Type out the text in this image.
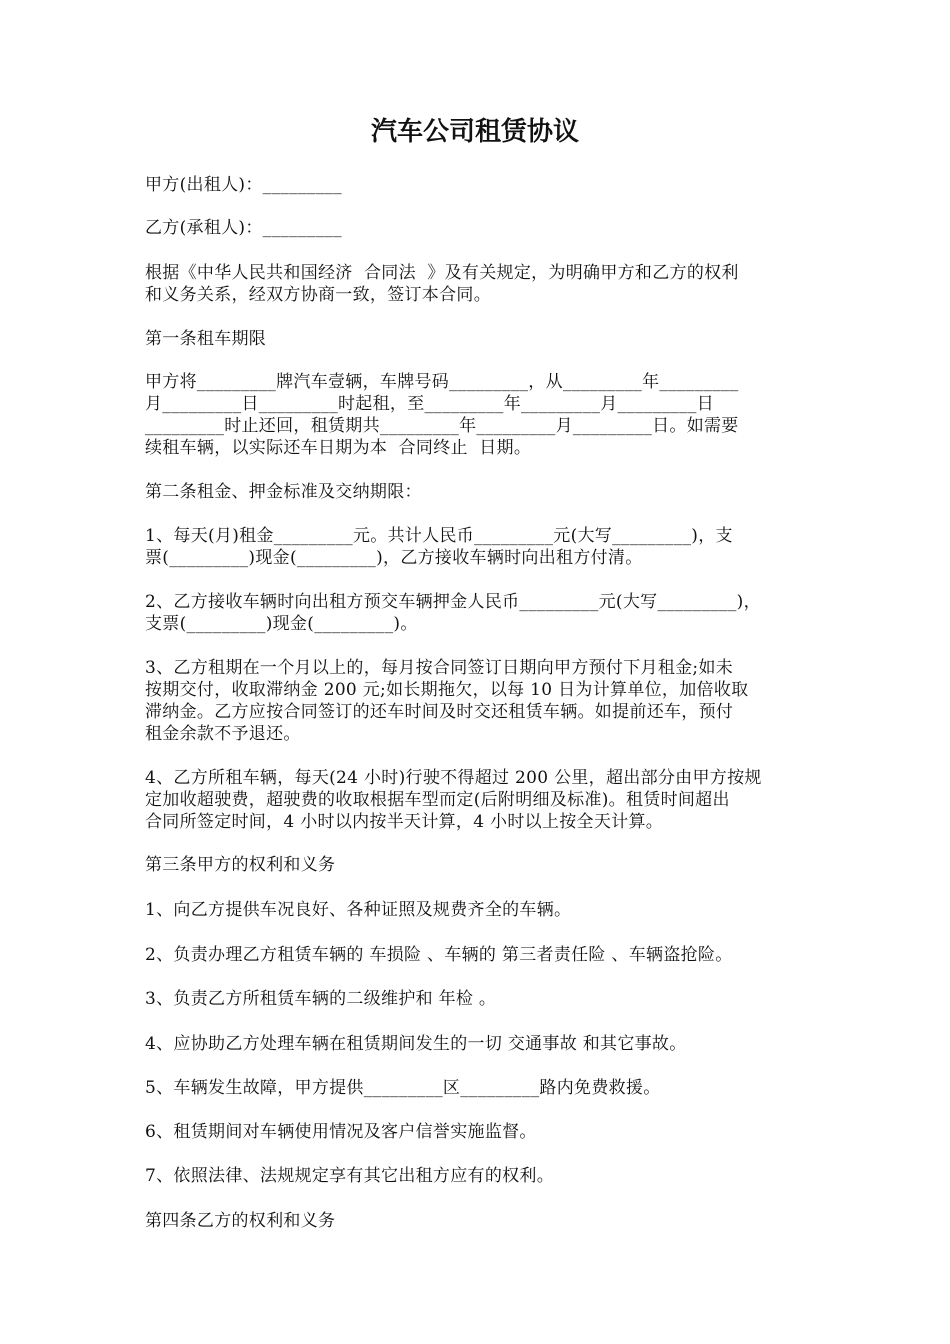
汽车公司租赁协议

甲方(出租人)：_________

乙方(承租人)：_________

根据《中华人民共和国经济  合同法  》及有关规定，为明确甲方和乙方的权利
和义务关系，经双方协商一致，签订本合同。

第一条租车期限

甲方将_________牌汽车壹辆，车牌号码_________，从_________年_________
月_________日_________时起租，至_________年_________月_________日
_________时止还回，租赁期共_________年_________月_________日。如需要
续租车辆，以实际还车日期为本  合同终止  日期。

第二条租金、押金标准及交纳期限：

1、每天(月)租金_________元。共计人民币_________元(大写_________)，支
票(_________)现金(_________)，乙方接收车辆时向出租方付清。

2、乙方接收车辆时向出租方预交车辆押金人民币_________元(大写_________)，
支票(_________)现金(_________)。

3、乙方租期在一个月以上的，每月按合同签订日期向甲方预付下月租金;如未
按期交付，收取滞纳金 200 元;如长期拖欠，以每 10 日为计算单位，加倍收取
滞纳金。乙方应按合同签订的还车时间及时交还租赁车辆。如提前还车，预付
租金余款不予退还。

4、乙方所租车辆，每天(24 小时)行驶不得超过 200 公里，超出部分由甲方按规
定加收超驶费，超驶费的收取根据车型而定(后附明细及标准)。租赁时间超出
合同所签定时间，4 小时以内按半天计算，4 小时以上按全天计算。

第三条甲方的权利和义务

1、向乙方提供车况良好、各种证照及规费齐全的车辆。

2、负责办理乙方租赁车辆的 车损险 、车辆的 第三者责任险 、车辆盗抢险。

3、负责乙方所租赁车辆的二级维护和 年检 。

4、应协助乙方处理车辆在租赁期间发生的一切 交通事故 和其它事故。

5、车辆发生故障，甲方提供_________区_________路内免费救援。

6、租赁期间对车辆使用情况及客户信誉实施监督。

7、依照法律、法规规定享有其它出租方应有的权利。

第四条乙方的权利和义务
